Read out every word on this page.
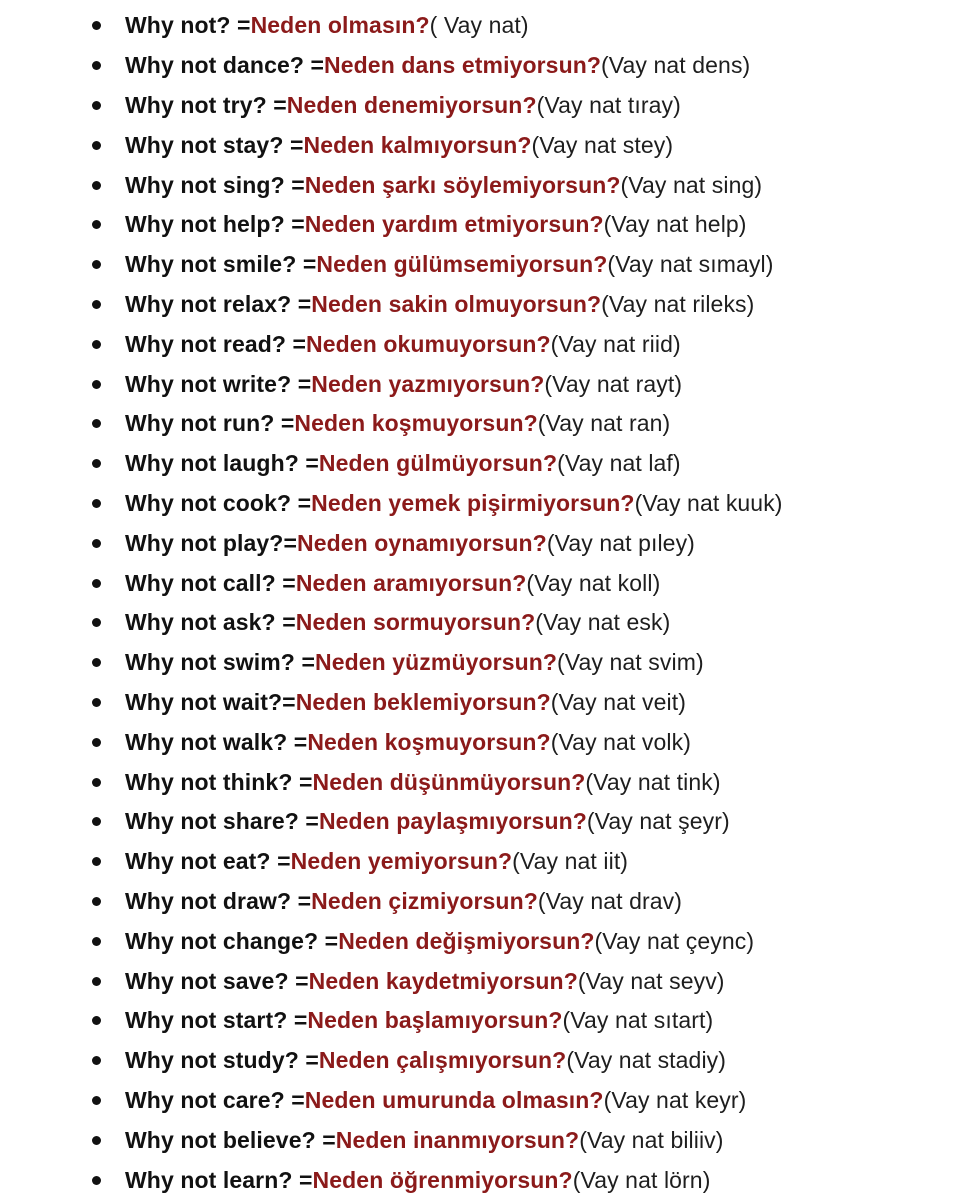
Why not? = Neden olmasın? ( Vay nat)
Why not dance? = Neden dans etmiyorsun? (Vay nat dens)
Why not try? = Neden denemiyorsun? (Vay nat tıray)
Why not stay? = Neden kalmıyorsun? (Vay nat stey)
Why not sing? = Neden şarkı söylemiyorsun? (Vay nat sing)
Why not help? = Neden yardım etmiyorsun? (Vay nat help)
Why not smile? = Neden gülümsemiyorsun? (Vay nat sımayl)
Why not relax? = Neden sakin olmuyorsun? (Vay nat rileks)
Why not read? = Neden okumuyorsun? (Vay nat riid)
Why not write? = Neden yazmıyorsun? (Vay nat rayt)
Why not run? = Neden koşmuyorsun? (Vay nat ran)
Why not laugh? = Neden gülmüyorsun? (Vay nat laf)
Why not cook? = Neden yemek pişirmiyorsun? (Vay nat kuuk)
Why not play?= Neden oynamıyorsun? (Vay nat pıley)
Why not call? = Neden aramıyorsun? (Vay nat koll)
Why not ask? = Neden sormuyorsun? (Vay nat esk)
Why not swim? = Neden yüzmüyorsun? (Vay nat svim)
Why not wait?= Neden beklemiyorsun? (Vay nat veit)
Why not walk? = Neden koşmuyorsun? (Vay nat volk)
Why not think? = Neden düşünmüyorsun? (Vay nat tink)
Why not share? = Neden paylaşmıyorsun? (Vay nat şeyr)
Why not eat? = Neden yemiyorsun? (Vay nat iit)
Why not draw? = Neden çizmiyorsun? (Vay nat drav)
Why not change? = Neden değişmiyorsun? (Vay nat çeync)
Why not save? = Neden kaydetmiyorsun? (Vay nat seyv)
Why not start? = Neden başlamıyorsun? (Vay nat sıtart)
Why not study? = Neden çalışmıyorsun? (Vay nat stadiy)
Why not care? = Neden umurunda olmasın? (Vay nat keyr)
Why not believe? = Neden inanmıyorsun? (Vay nat biliiv)
Why not learn? = Neden öğrenmiyorsun? (Vay nat lörn)
